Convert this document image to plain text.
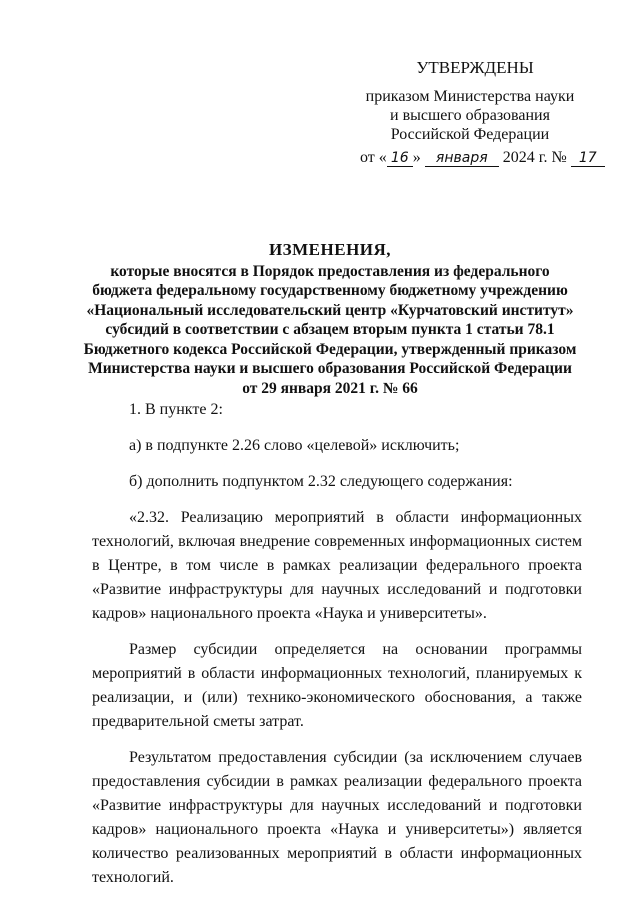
УТВЕРЖДЕНЫ
приказом Министерства науки
и высшего образования
Российской Федерации
от « 16 » января 2024 г. № 17
ИЗМЕНЕНИЯ,
которые вносятся в Порядок предоставления из федерального
бюджета федеральному государственному бюджетному учреждению
«Национальный исследовательский центр «Курчатовский институт»
субсидий в соответствии с абзацем вторым пункта 1 статьи 78.1
Бюджетного кодекса Российской Федерации, утвержденный приказом
Министерства науки и высшего образования Российской Федерации
от 29 января 2021 г. № 66

1. В пункте 2:

а) в подпункте 2.26 слово «целевой» исключить;

б) дополнить подпунктом 2.32 следующего содержания:

«2.32. Реализацию мероприятий в области информационных технологий, включая внедрение современных информационных систем в Центре, в том числе в рамках реализации федерального проекта «Развитие инфраструктуры для научных исследований и подготовки кадров» национального проекта «Наука и университеты».

Размер субсидии определяется на основании программы мероприятий в области информационных технологий, планируемых к реализации, и (или) технико-экономического обоснования, а также предварительной сметы затрат.

Результатом предоставления субсидии (за исключением случаев предоставления субсидии в рамках реализации федерального проекта «Развитие инфраструктуры для научных исследований и подготовки кадров» национального проекта «Наука и университеты») является количество реализованных мероприятий в области информационных технологий.
